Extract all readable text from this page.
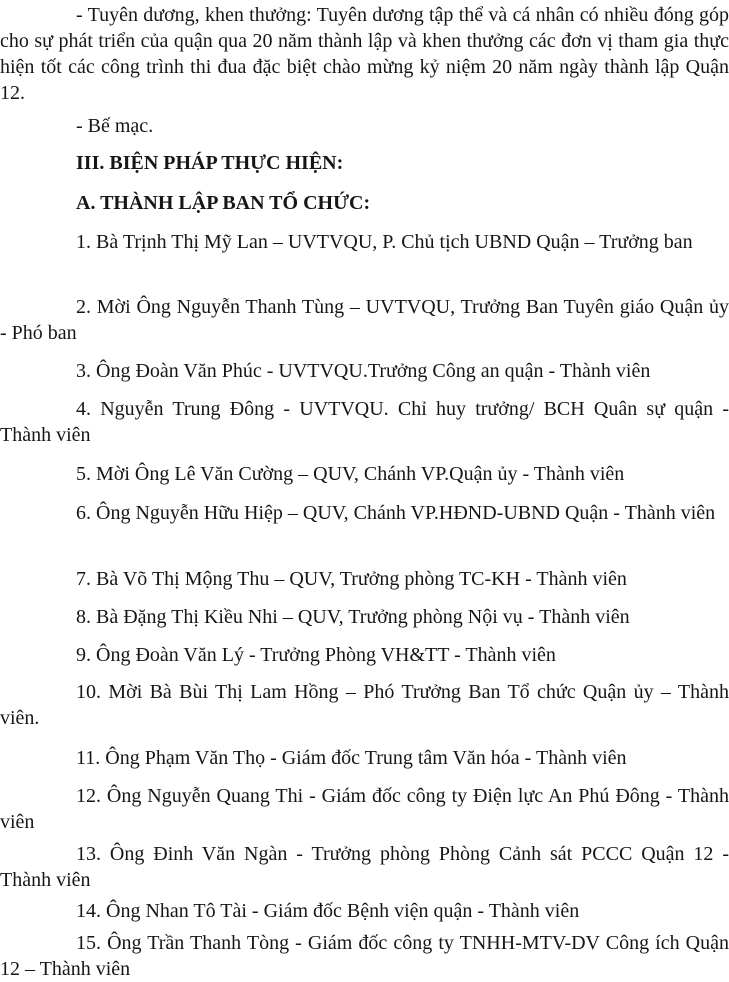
- Tuyên dương, khen thưởng: Tuyên dương tập thể và cá nhân có nhiều đóng góp cho sự phát triển của quận qua 20 năm thành lập và khen thưởng các đơn vị tham gia thực hiện tốt các công trình thi đua đặc biệt chào mừng kỷ niệm 20 năm ngày thành lập Quận 12.

- Bế mạc.

III. BIỆN PHÁP THỰC HIỆN:
A. THÀNH LẬP BAN TỔ CHỨC:

1. Bà Trịnh Thị Mỹ Lan – UVTVQU, P. Chủ tịch UBND Quận – Trưởng ban

2. Mời Ông Nguyễn Thanh Tùng – UVTVQU, Trưởng Ban Tuyên giáo Quận ủy - Phó ban

3. Ông Đoàn Văn Phúc - UVTVQU.Trưởng Công an quận - Thành viên

4. Nguyễn Trung Đông - UVTVQU. Chỉ huy trưởng/ BCH Quân sự quận - Thành viên

5. Mời Ông Lê Văn Cường – QUV, Chánh VP.Quận ủy - Thành viên

6. Ông Nguyễn Hữu Hiệp – QUV, Chánh VP.HĐND-UBND Quận - Thành viên

7. Bà Võ Thị Mộng Thu – QUV, Trưởng phòng TC-KH - Thành viên

8. Bà Đặng Thị Kiều Nhi – QUV, Trưởng phòng Nội vụ - Thành viên

9. Ông Đoàn Văn Lý - Trưởng Phòng VH&TT - Thành viên

10. Mời Bà Bùi Thị Lam Hồng – Phó Trưởng Ban Tổ chức Quận ủy – Thành viên.

11. Ông Phạm Văn Thọ - Giám đốc Trung tâm Văn hóa - Thành viên

12. Ông Nguyễn Quang Thi - Giám đốc công ty Điện lực An Phú Đông - Thành viên

13. Ông Đinh Văn Ngàn - Trưởng phòng Phòng Cảnh sát PCCC Quận 12 - Thành viên

14. Ông Nhan Tô Tài - Giám đốc Bệnh viện quận - Thành viên

15. Ông Trần Thanh Tòng - Giám đốc công ty TNHH-MTV-DV Công ích Quận 12 – Thành viên
